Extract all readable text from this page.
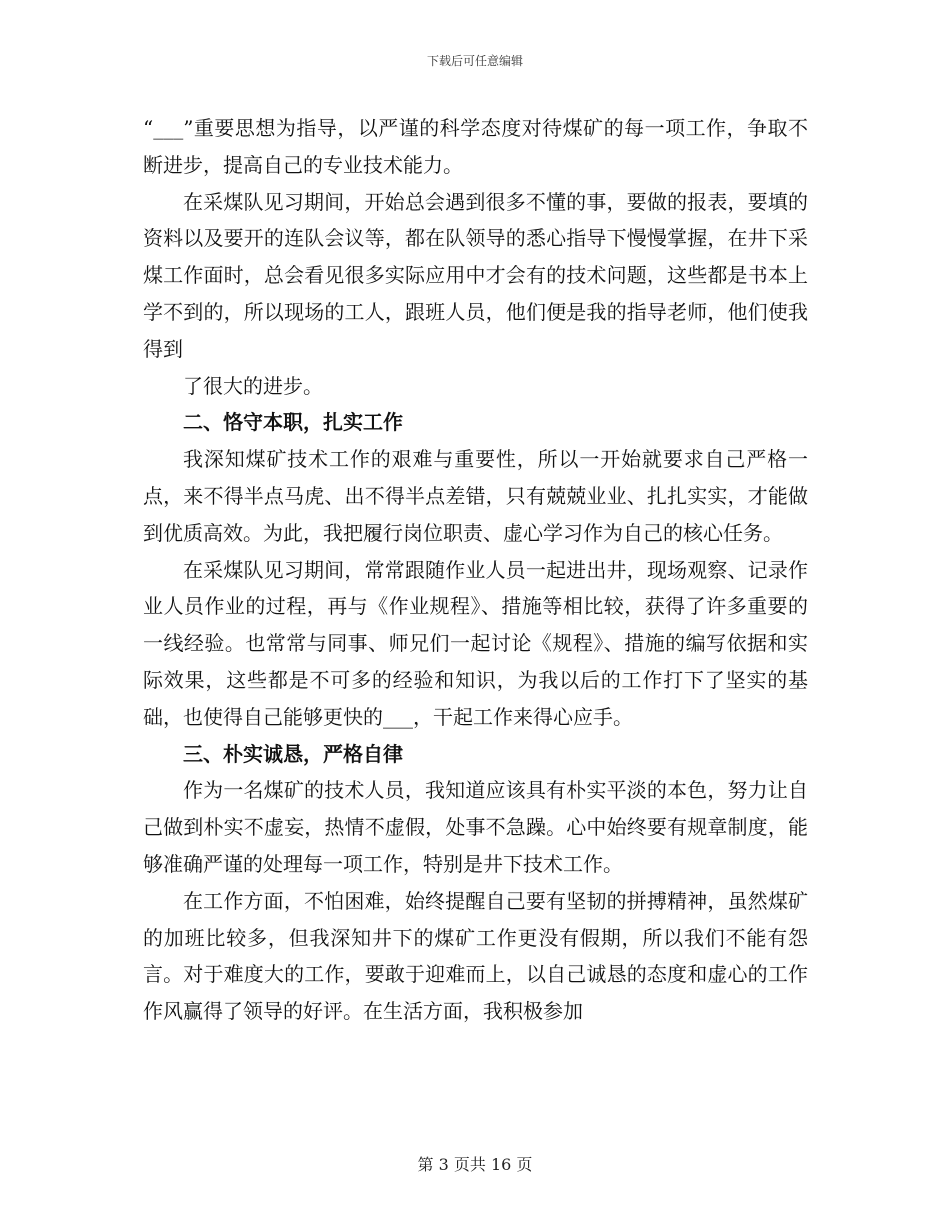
下载后可任意编辑

“___”重要思想为指导，以严谨的科学态度对待煤矿的每一项工作，争取不断进步，提高自己的专业技术能力。

在采煤队见习期间，开始总会遇到很多不懂的事，要做的报表，要填的资料以及要开的连队会议等，都在队领导的悉心指导下慢慢掌握，在井下采煤工作面时，总会看见很多实际应用中才会有的技术问题，这些都是书本上学不到的，所以现场的工人，跟班人员，他们便是我的指导老师，他们使我得到

了很大的进步。

二、恪守本职，扎实工作

我深知煤矿技术工作的艰难与重要性，所以一开始就要求自己严格一点，来不得半点马虎、出不得半点差错，只有兢兢业业、扎扎实实，才能做到优质高效。为此，我把履行岗位职责、虚心学习作为自己的核心任务。

在采煤队见习期间，常常跟随作业人员一起进出井，现场观察、记录作业人员作业的过程，再与《作业规程》、措施等相比较，获得了许多重要的一线经验。也常常与同事、师兄们一起讨论《规程》、措施的编写依据和实际效果，这些都是不可多的经验和知识，为我以后的工作打下了坚实的基础，也使得自己能够更快的___，干起工作来得心应手。

三、朴实诚恳，严格自律

作为一名煤矿的技术人员，我知道应该具有朴实平淡的本色，努力让自己做到朴实不虚妄，热情不虚假，处事不急躁。心中始终要有规章制度，能够准确严谨的处理每一项工作，特别是井下技术工作。

在工作方面，不怕困难，始终提醒自己要有坚韧的拼搏精神，虽然煤矿的加班比较多，但我深知井下的煤矿工作更没有假期，所以我们不能有怨言。对于难度大的工作，要敢于迎难而上，以自己诚恳的态度和虚心的工作作风赢得了领导的好评。在生活方面，我积极参加

第 3 页共 16 页
